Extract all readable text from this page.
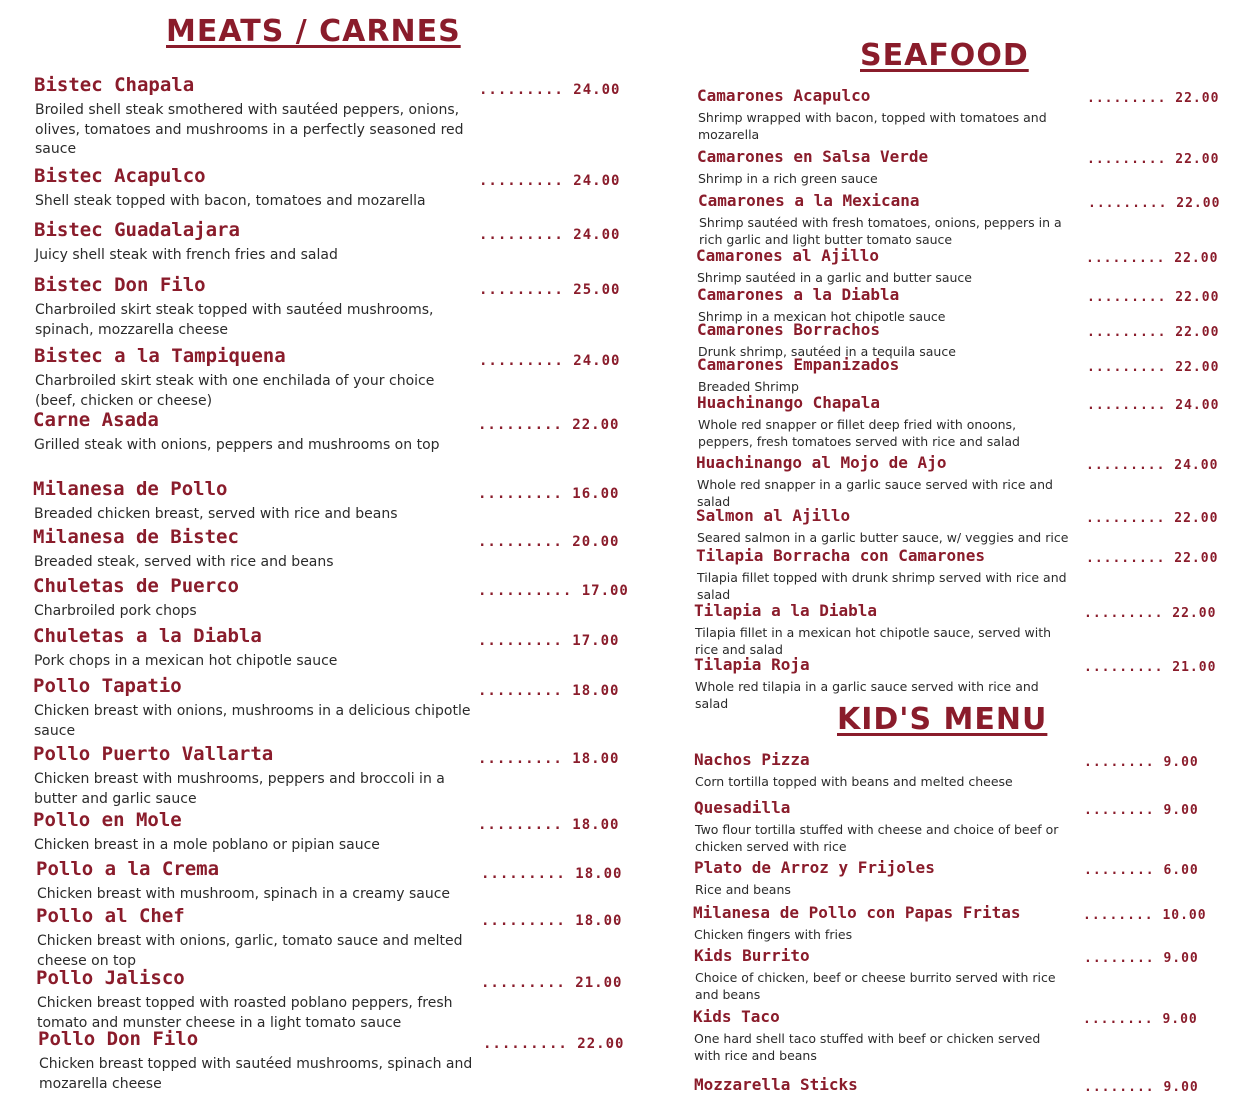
MEATS / CARNES
SEAFOOD
KID'S MENU
Bistec Chapala	......... 24.00

Broiled shell steak smothered with sautéed peppers, onions, olives, tomatoes and mushrooms in a perfectly seasoned red sauce

Bistec Acapulco	......... 24.00

Shell steak topped with bacon, tomatoes and mozarella

Bistec Guadalajara	......... 24.00

Juicy shell steak with french fries and salad

Bistec Don Filo	......... 25.00

Charbroiled skirt steak topped with sautéed mushrooms, spinach, mozzarella cheese

Bistec a la Tampiquena	......... 24.00

Charbroiled skirt steak with one enchilada of your choice (beef, chicken or cheese)

Carne Asada	......... 22.00

Grilled steak with onions, peppers and mushrooms on top

Milanesa de Pollo	......... 16.00

Breaded chicken breast, served with rice and beans

Milanesa de Bistec	......... 20.00

Breaded steak, served with rice and beans

Chuletas de Puerco	.......... 17.00

Charbroiled pork chops

Chuletas a la Diabla	......... 17.00

Pork chops in a mexican hot chipotle sauce

Pollo Tapatio	......... 18.00

Chicken breast with onions, mushrooms in a delicious chipotle sauce

Pollo Puerto Vallarta	......... 18.00

Chicken breast with mushrooms, peppers and broccoli in a butter and garlic sauce

Pollo en Mole	......... 18.00

Chicken breast in a mole poblano or pipian sauce

Pollo a la Crema	......... 18.00

Chicken breast with mushroom, spinach in a creamy sauce

Pollo al Chef	......... 18.00

Chicken breast with onions, garlic, tomato sauce and melted cheese on top

Pollo Jalisco	......... 21.00

Chicken breast topped with roasted poblano peppers, fresh tomato and munster cheese in a light tomato sauce

Pollo Don Filo	......... 22.00

Chicken breast topped with sautéed mushrooms, spinach and mozarella cheese

Camarones Acapulco	......... 22.00

Shrimp wrapped with bacon, topped with tomatoes and mozarella

Camarones en Salsa Verde	......... 22.00

Shrimp in a rich green sauce

Camarones a la Mexicana	......... 22.00

Shrimp sautéed with fresh tomatoes, onions, peppers in a rich garlic and light butter tomato sauce

Camarones al Ajillo	......... 22.00

Shrimp sautéed in a garlic and butter sauce

Camarones a la Diabla	......... 22.00

Shrimp in a mexican hot chipotle sauce

Camarones Borrachos	......... 22.00

Drunk shrimp, sautéed in a tequila sauce

Camarones Empanizados	......... 22.00

Breaded Shrimp

Huachinango Chapala	......... 24.00

Whole red snapper or fillet deep fried with onoons, peppers, fresh tomatoes served with rice and salad

Huachinango al Mojo de Ajo	......... 24.00

Whole red snapper in a garlic sauce served with rice and salad

Salmon al Ajillo	......... 22.00

Seared salmon in a garlic butter sauce, w/ veggies and rice

Tilapia Borracha con Camarones	......... 22.00

Tilapia fillet topped with drunk shrimp served with rice and salad

Tilapia a la Diabla	......... 22.00

Tilapia fillet in a mexican hot chipotle sauce, served with rice and salad

Tilapia Roja	......... 21.00

Whole red tilapia in a garlic sauce served with rice and salad

Nachos Pizza	........ 9.00

Corn tortilla topped with beans and melted cheese

Quesadilla	........ 9.00

Two flour tortilla stuffed with cheese and choice of beef or chicken served with rice

Plato de Arroz y Frijoles	........ 6.00

Rice and beans

Milanesa de Pollo con Papas Fritas	........ 10.00

Chicken fingers with fries

Kids Burrito	........ 9.00

Choice of chicken, beef or cheese burrito served with rice and beans

Kids Taco	........ 9.00

One hard shell taco stuffed with beef or chicken served with rice and beans

Mozzarella Sticks	........ 9.00
